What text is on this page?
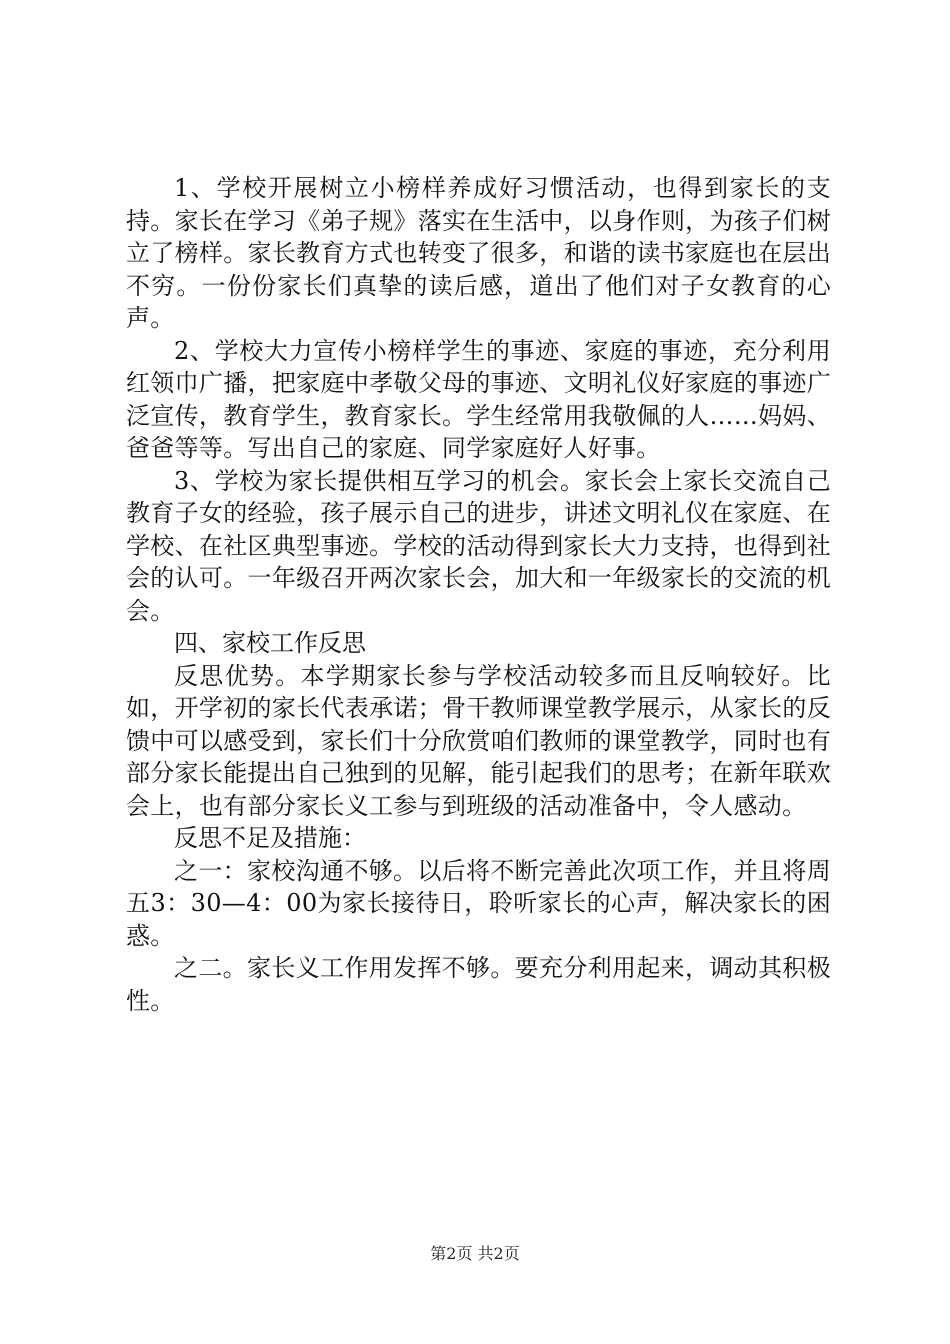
1、学校开展树立小榜样养成好习惯活动，也得到家长的支持。家长在学习《弟子规》落实在生活中，以身作则，为孩子们树立了榜样。家长教育方式也转变了很多，和谐的读书家庭也在层出不穷。一份份家长们真挚的读后感，道出了他们对子女教育的心声。

2、学校大力宣传小榜样学生的事迹、家庭的事迹，充分利用红领巾广播，把家庭中孝敬父母的事迹、文明礼仪好家庭的事迹广泛宣传，教育学生，教育家长。学生经常用我敬佩的人……妈妈、爸爸等等。写出自己的家庭、同学家庭好人好事。

3、学校为家长提供相互学习的机会。家长会上家长交流自己教育子女的经验，孩子展示自己的进步，讲述文明礼仪在家庭、在学校、在社区典型事迹。学校的活动得到家长大力支持，也得到社会的认可。一年级召开两次家长会，加大和一年级家长的交流的机会。

四、家校工作反思

反思优势。本学期家长参与学校活动较多而且反响较好。比如，开学初的家长代表承诺；骨干教师课堂教学展示，从家长的反馈中可以感受到，家长们十分欣赏咱们教师的课堂教学，同时也有部分家长能提出自己独到的见解，能引起我们的思考；在新年联欢会上，也有部分家长义工参与到班级的活动准备中，令人感动。

反思不足及措施：

之一：家校沟通不够。以后将不断完善此次项工作，并且将周五3：30—4：00为家长接待日，聆听家长的心声，解决家长的困惑。

之二。家长义工作用发挥不够。要充分利用起来，调动其积极性。

第2页 共2页
